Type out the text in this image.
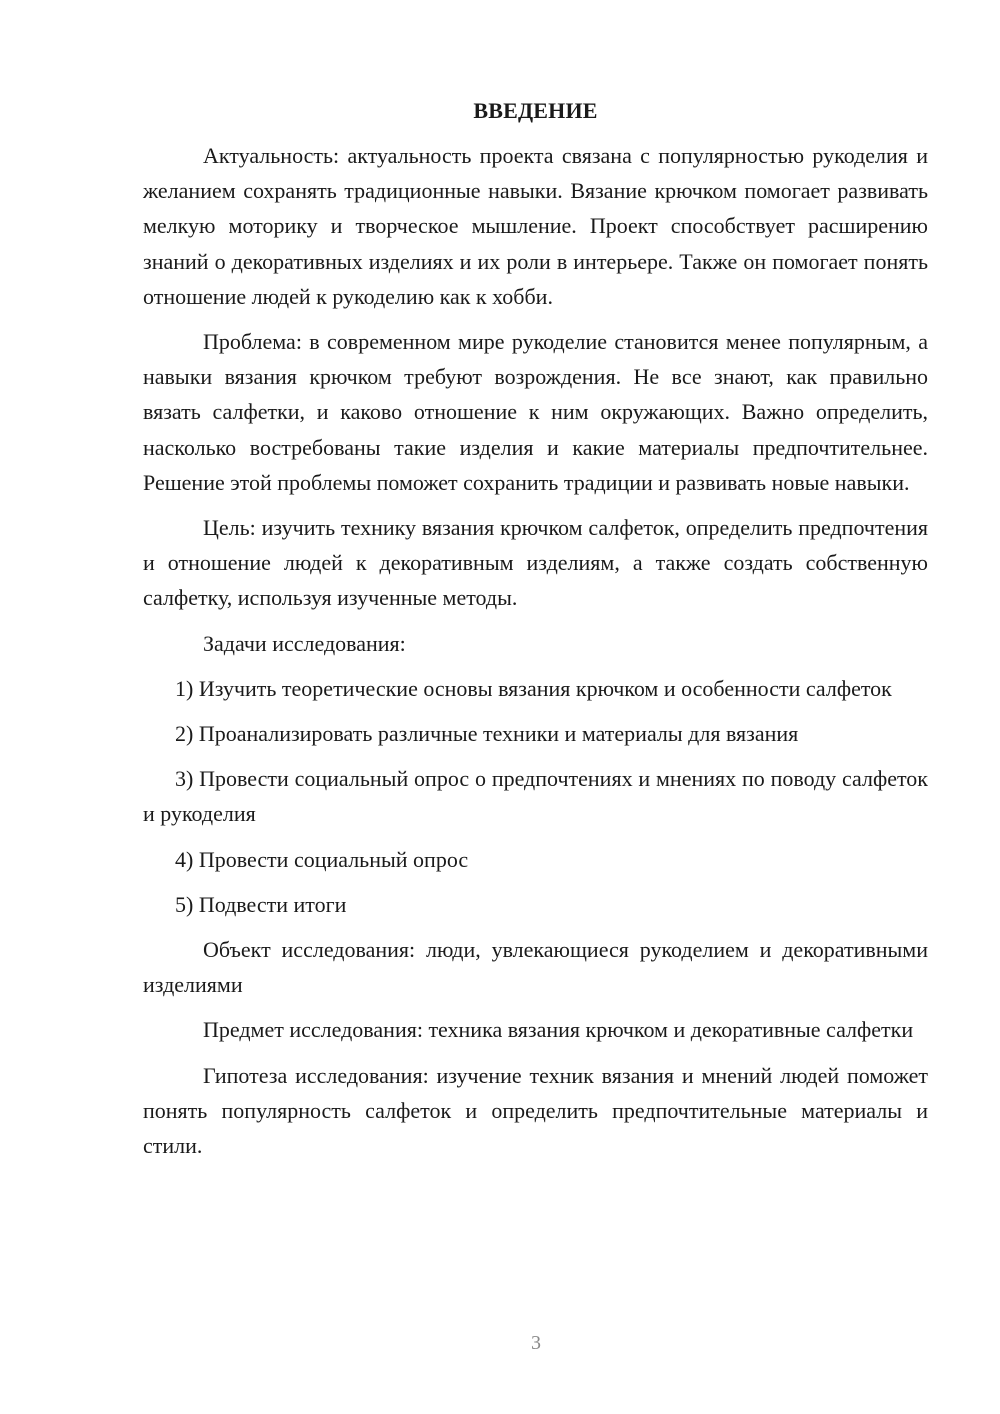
ВВЕДЕНИЕ

Актуальность: актуальность проекта связана с популярностью рукоделия и желанием сохранять традиционные навыки. Вязание крючком помогает развивать мелкую моторику и творческое мышление. Проект способствует расширению знаний о декоративных изделиях и их роли в интерьере. Также он помогает понять отношение людей к рукоделию как к хобби.

Проблема: в современном мире рукоделие становится менее популярным, а навыки вязания крючком требуют возрождения. Не все знают, как правильно вязать салфетки, и каково отношение к ним окружающих. Важно определить, насколько востребованы такие изделия и какие материалы предпочтительнее. Решение этой проблемы поможет сохранить традиции и развивать новые навыки.

Цель: изучить технику вязания крючком салфеток, определить предпочтения и отношение людей к декоративным изделиям, а также создать собственную салфетку, используя изученные методы.

Задачи исследования:

1) Изучить теоретические основы вязания крючком и особенности салфеток

2) Проанализировать различные техники и материалы для вязания

3) Провести социальный опрос о предпочтениях и мнениях по поводу салфеток и рукоделия

4) Провести социальный опрос

5) Подвести итоги

Объект исследования: люди, увлекающиеся рукоделием и декоративными изделиями

Предмет исследования: техника вязания крючком и декоративные салфетки

Гипотеза исследования: изучение техник вязания и мнений людей поможет понять популярность салфеток и определить предпочтительные материалы и стили.

3
